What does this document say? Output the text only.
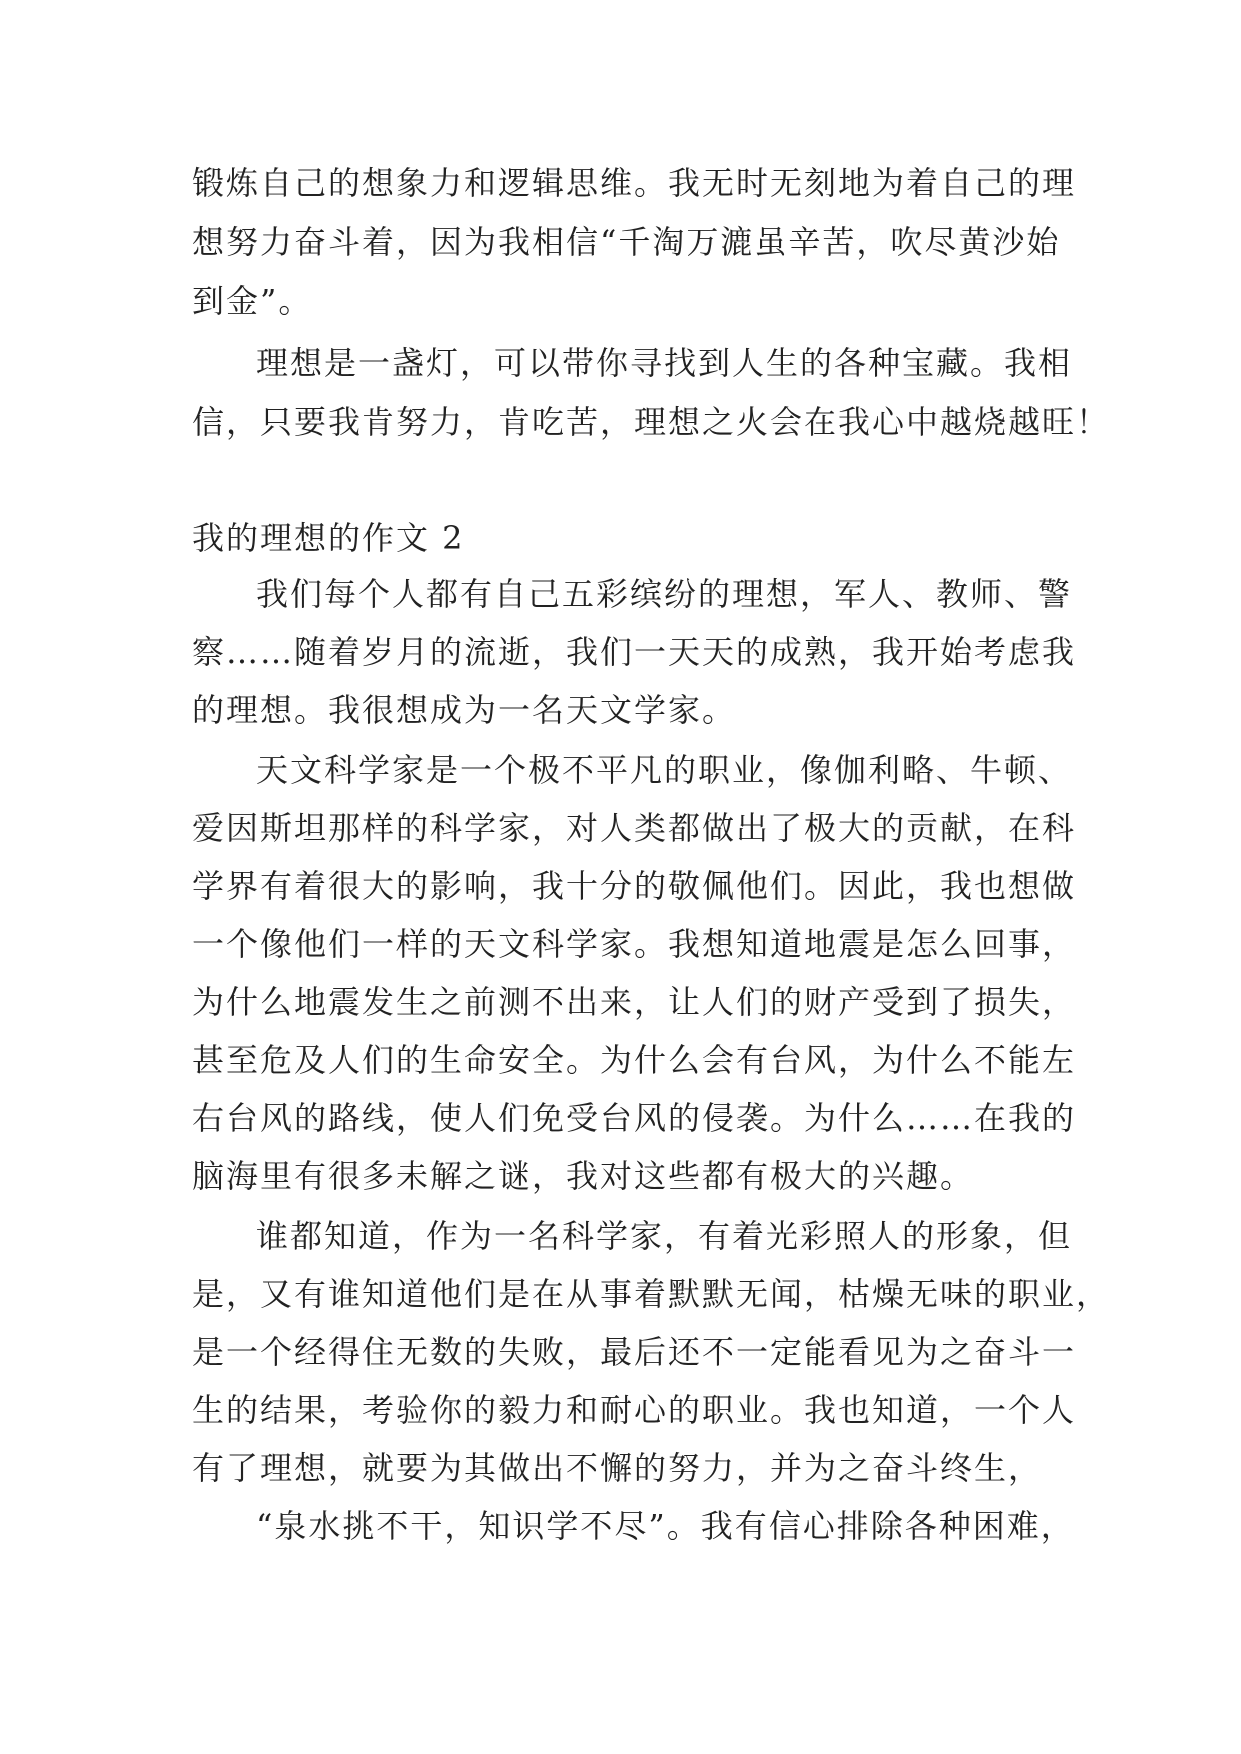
锻炼自己的想象力和逻辑思维。我无时无刻地为着自己的理
想努力奋斗着，因为我相信“千淘万漉虽辛苦，吹尽黄沙始
到金”。
理想是一盏灯，可以带你寻找到人生的各种宝藏。我相
信，只要我肯努力，肯吃苦，理想之火会在我心中越烧越旺！
我的理想的作文 2
我们每个人都有自己五彩缤纷的理想，军人、教师、警
察……随着岁月的流逝，我们一天天的成熟，我开始考虑我
的理想。我很想成为一名天文学家。
天文科学家是一个极不平凡的职业，像伽利略、牛顿、
爱因斯坦那样的科学家，对人类都做出了极大的贡献，在科
学界有着很大的影响，我十分的敬佩他们。因此，我也想做
一个像他们一样的天文科学家。我想知道地震是怎么回事，
为什么地震发生之前测不出来，让人们的财产受到了损失，
甚至危及人们的生命安全。为什么会有台风，为什么不能左
右台风的路线，使人们免受台风的侵袭。为什么……在我的
脑海里有很多未解之谜，我对这些都有极大的兴趣。
谁都知道，作为一名科学家，有着光彩照人的形象，但
是，又有谁知道他们是在从事着默默无闻，枯燥无味的职业，
是一个经得住无数的失败，最后还不一定能看见为之奋斗一
生的结果，考验你的毅力和耐心的职业。我也知道，一个人
有了理想，就要为其做出不懈的努力，并为之奋斗终生，
“泉水挑不干，知识学不尽”。我有信心排除各种困难，
